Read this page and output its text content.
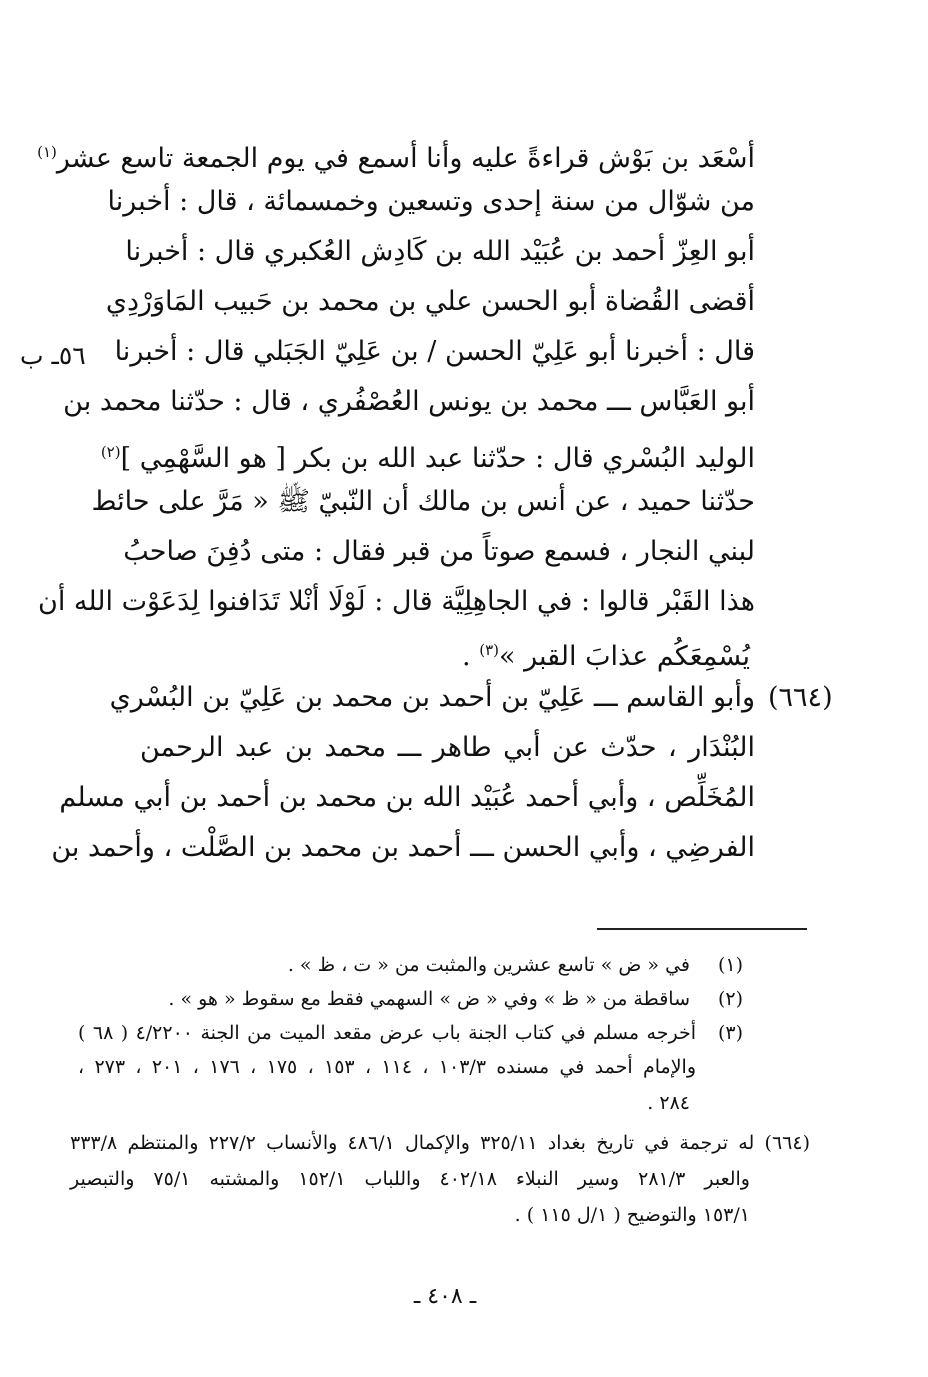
أسْعَد بن بَوْش قراءةً عليه وأنا أسمع في يوم الجمعة تاسع عشر$^{(١)}$
من شوّال من سنة إحدى وتسعين وخمسمائة ، قال : أخبرنا
أبو العِزّ أحمد بن عُبَيْد الله بن كَادِش العُكبري قال : أخبرنا
أقضى القُضاة أبو الحسن علي بن محمد بن حَبيب المَاوَرْدِي
قال : أخبرنا أبو عَلِيّ الحسن / بن عَلِيّ الجَبَلي قال : أخبرنا
أبو العَبَّاس ـــ محمد بن يونس العُصْفُري ، قال : حدّثنا محمد بن
الوليد البُسْري قال : حدّثنا عبد الله بن بكر [ هو السَّهْمِي ]$^{(٢)}$
حدّثنا حميد ، عن أنس بن مالك أن النّبيّ ﷺ « مَرَّ على حائط
لبني النجار ، فسمع صوتاً من قبر فقال : متى دُفِنَ صاحبُ
هذا القَبْر قالوا : في الجاهِلِيَّة قال : لَوْلَا أنْلا تَدَافنوا لِدَعَوْت الله أن
يُسْمِعَكُم عذابَ القبر »$^{(٣)}$ .
(٦٦٤)
وأبو القاسم ـــ عَلِيّ بن أحمد بن محمد بن عَلِيّ بن البُسْري
البُنْدَار ، حدّث عن أبي طاهر ـــ محمد بن عبد الرحمن
المُخَلِّص ، وأبي أحمد عُبَيْد الله بن محمد بن أحمد بن أبي مسلم
الفرضِي ، وأبي الحسن ـــ أحمد بن محمد بن الصَّلْت ، وأحمد بن
٥٦ـ ب
(١)
في « ض » تاسع عشرين والمثبت من « ت ، ظ » .
(٢)
ساقطة من « ظ » وفي « ض » السهمي فقط مع سقوط « هو » .
(٣)
أخرجه مسلم في كتاب الجنة باب عرض مقعد الميت من الجنة ٤/٢٢٠٠ ( ٦٨ )
والإمام أحمد في مسنده ١٠٣/٣ ، ١١٤ ، ١٥٣ ، ١٧٥ ، ١٧٦ ، ٢٠١ ، ٢٧٣ ،
٢٨٤ .
(٦٦٤) له ترجمة في تاريخ بغداد ٣٢٥/١١ والإكمال ٤٨٦/١ والأنساب ٢٢٧/٢ والمنتظم ٣٣٣/٨
والعبر ٢٨١/٣ وسير النبلاء ٤٠٢/١٨ واللباب ١٥٢/١ والمشتبه ٧٥/١ والتبصير
١٥٣/١ والتوضيح ( ١/ل ١١٥ ) .
ـ ٤٠٨ ـ
